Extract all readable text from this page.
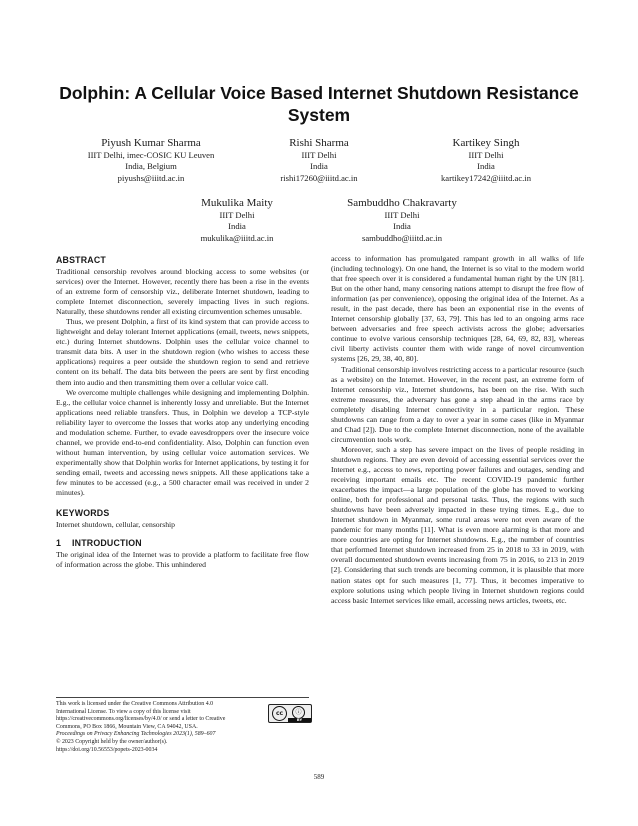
Dolphin: A Cellular Voice Based Internet Shutdown Resistance System
Piyush Kumar Sharma
IIIT Delhi, imec-COSIC KU Leuven
India, Belgium
piyushs@iiitd.ac.in
Rishi Sharma
IIIT Delhi
India
rishi17260@iiitd.ac.in
Kartikey Singh
IIIT Delhi
India
kartikey17242@iiitd.ac.in
Mukulika Maity
IIIT Delhi
India
mukulika@iiitd.ac.in
Sambuddho Chakravarty
IIIT Delhi
India
sambuddho@iiitd.ac.in
ABSTRACT

Traditional censorship revolves around blocking access to some websites (or services) over the Internet. However, recently there has been a rise in the events of an extreme form of censorship viz., deliberate Internet shutdown, leading to complete Internet disconnection, severely impacting lives in such regions. Naturally, these shutdowns render all existing circumvention schemes unusable.

Thus, we present Dolphin, a first of its kind system that can provide access to lightweight and delay tolerant Internet applications (email, tweets, news snippets, etc.) during Internet shutdowns. Dolphin uses the cellular voice channel to transmit data bits. A user in the shutdown region (who wishes to access these applications) requires a peer outside the shutdown region to send and retrieve content on its behalf. The data bits between the peers are sent by first encoding them into audio and then transmitting them over a cellular voice call.

We overcome multiple challenges while designing and implementing Dolphin. E.g., the cellular voice channel is inherently lossy and unreliable. But the Internet applications need reliable transfers. Thus, in Dolphin we develop a TCP-style reliability layer to overcome the losses that works atop any underlying encoding and modulation scheme. Further, to evade eavesdroppers over the insecure voice channel, we provide end-to-end confidentiality. Also, Dolphin can function even without human intervention, by using cellular voice automation services. We experimentally show that Dolphin works for Internet applications, by testing it for sending email, tweets and accessing news snippets. All these applications take a few minutes to be accessed (e.g., a 500 character email was received in under 2 minutes).

KEYWORDS

Internet shutdown, cellular, censorship

1 INTRODUCTION

The original idea of the Internet was to provide a platform to facilitate free flow of information across the globe. This unhindered

This work is licensed under the Creative Commons Attribution 4.0 International License. To view a copy of this license visit https://creativecommons.org/licenses/by/4.0/ or send a letter to Creative Commons, PO Box 1866, Mountain View, CA 94042, USA.
Proceedings on Privacy Enhancing Technologies 2023(1), 589–607
© 2023 Copyright held by the owner/author(s).
https://doi.org/10.56553/popets-2023-0034
cc	ⓘ
BY

access to information has promulgated rampant growth in all walks of life (including technology). On one hand, the Internet is so vital to the modern world that free speech over it is considered a fundamental human right by the UN [81]. But on the other hand, many censoring nations attempt to disrupt the free flow of information (as per convenience), opposing the original idea of the Internet. As a result, in the past decade, there has been an exponential rise in the events of Internet censorship globally [37, 63, 79]. This has led to an ongoing arms race between adversaries and free speech activists across the globe; adversaries continue to evolve various censorship techniques [28, 64, 69, 82, 83], whereas civil liberty activists counter them with wide range of novel circumvention systems [26, 29, 38, 40, 80].

Traditional censorship involves restricting access to a particular resource (such as a website) on the Internet. However, in the recent past, an extreme form of Internet censorship viz., Internet shutdowns, has been on the rise. With such extreme measures, the adversary has gone a step ahead in the arms race by completely disabling Internet connectivity in a particular region. These shutdowns can range from a day to over a year in some cases (like in Myanmar and Chad [2]). Due to the complete Internet disconnection, none of the available circumvention tools work.

Moreover, such a step has severe impact on the lives of people residing in shutdown regions. They are even devoid of accessing essential services over the Internet e.g., access to news, reporting power failures and outages, sending and receiving important emails etc. The recent COVID-19 pandemic further exacerbates the impact—a large population of the globe has moved to working online, both for professional and personal tasks. Thus, the regions with such shutdowns have been adversely impacted in these trying times. E.g., due to Internet shutdown in Myanmar, some rural areas were not even aware of the pandemic for many months [11]. What is even more alarming is that more and more countries are opting for Internet shutdowns. E.g., the number of countries that performed Internet shutdown increased from 25 in 2018 to 33 in 2019, with overall documented shutdown events increasing from 75 in 2016, to 213 in 2019 [2]. Considering that such trends are becoming common, it is plausible that more nation states opt for such measures [1, 77]. Thus, it becomes imperative to explore solutions using which people living in Internet shutdown regions could access basic Internet services like email, accessing news articles, tweets, etc.

589
